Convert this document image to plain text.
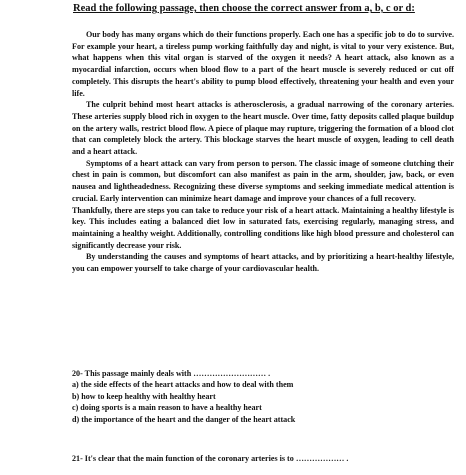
Read the following passage, then choose the correct answer from a, b, c or d:

Our body has many organs which do their functions properly. Each one has a specific job to do to survive. For example your heart, a tireless pump working faithfully day and night, is vital to your very existence. But, what happens when this vital organ is starved of the oxygen it needs? A heart attack, also known as a myocardial infarction, occurs when blood flow to a part of the heart muscle is severely reduced or cut off completely. This disrupts the heart's ability to pump blood effectively, threatening your health and even your life.

The culprit behind most heart attacks is atherosclerosis, a gradual narrowing of the coronary arteries. These arteries supply blood rich in oxygen to the heart muscle. Over time, fatty deposits called plaque buildup on the artery walls, restrict blood flow. A piece of plaque may rupture, triggering the formation of a blood clot that can completely block the artery. This blockage starves the heart muscle of oxygen, leading to cell death and a heart attack.

Symptoms of a heart attack can vary from person to person. The classic image of someone clutching their chest in pain is common, but discomfort can also manifest as pain in the arm, shoulder, jaw, back, or even nausea and lightheadedness. Recognizing these diverse symptoms and seeking immediate medical attention is crucial. Early intervention can minimize heart damage and improve your chances of a full recovery.

Thankfully, there are steps you can take to reduce your risk of a heart attack. Maintaining a healthy lifestyle is key. This includes eating a balanced diet low in saturated fats, exercising regularly, managing stress, and maintaining a healthy weight. Additionally, controlling conditions like high blood pressure and cholesterol can significantly decrease your risk.

By understanding the causes and symptoms of heart attacks, and by prioritizing a heart-healthy lifestyle, you can empower yourself to take charge of your cardiovascular health.

20- This passage mainly deals with ……………………… .
a) the side effects of the heart attacks and how to deal with them
b) how to keep healthy with healthy heart
c) doing sports is a main reason to have a healthy heart
d) the importance of the heart and the danger of the heart attack
21- It's clear that the main function of the coronary arteries is to ……………… .
